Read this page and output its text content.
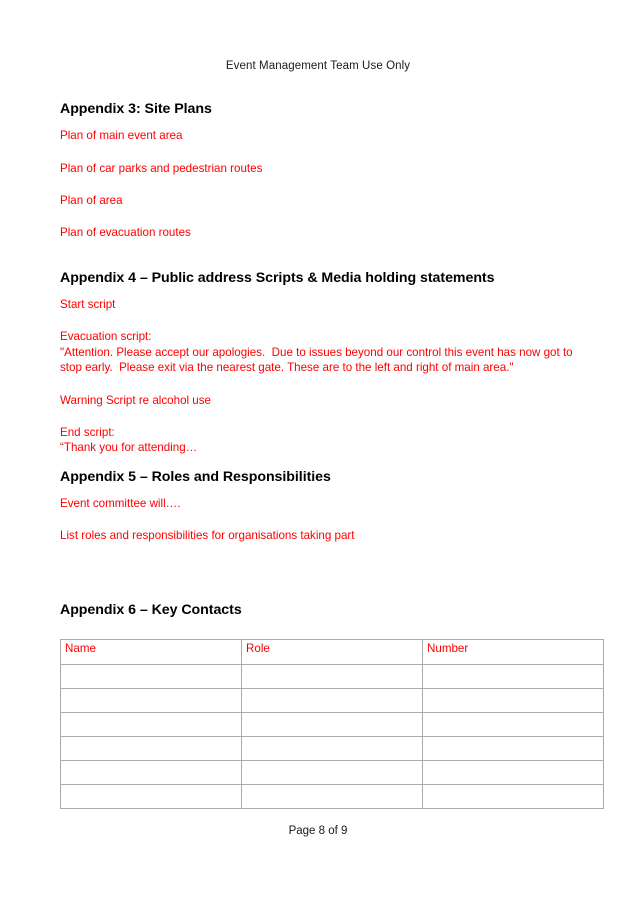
Event Management Team Use Only
Appendix 3: Site Plans

Plan of main event area

Plan of car parks and pedestrian routes

Plan of area

Plan of evacuation routes

Appendix 4 – Public address Scripts & Media holding statements

Start script

Evacuation script:

"Attention. Please accept our apologies.  Due to issues beyond our control this event has now got to stop early.  Please exit via the nearest gate. These are to the left and right of main area."

Warning Script re alcohol use

End script:

“Thank you for attending…

Appendix 5 – Roles and Responsibilities

Event committee will….

List roles and responsibilities for organisations taking part

Appendix 6 – Key Contacts
Name	Role	Number

Page 8 of 9
